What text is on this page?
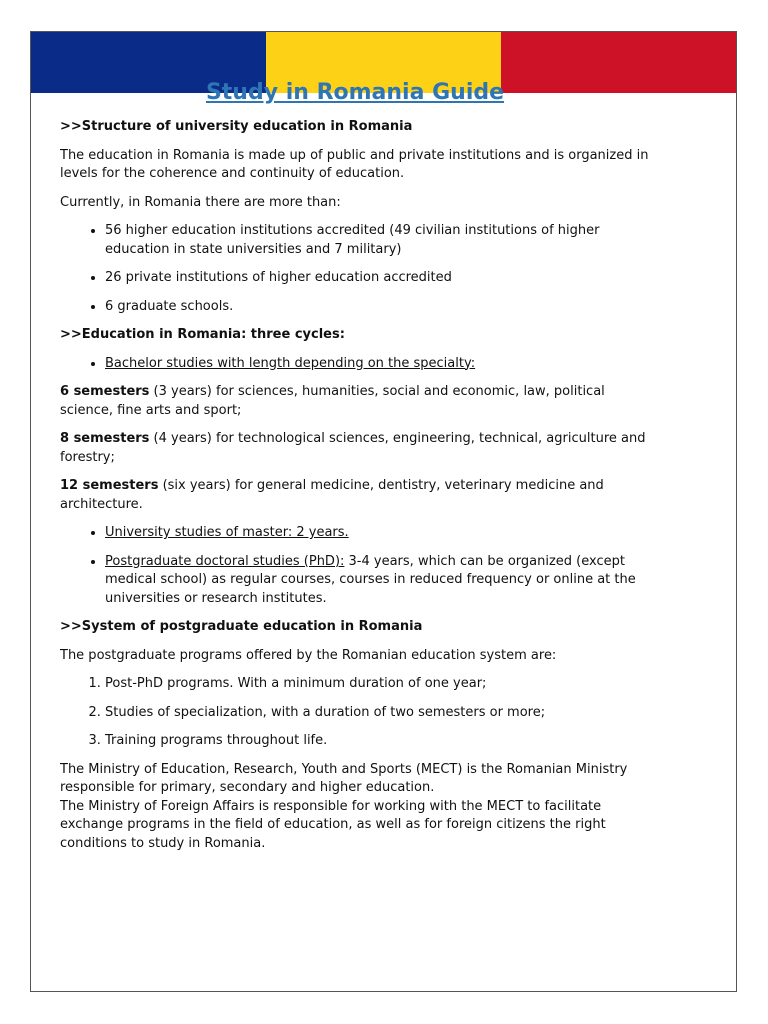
Study in Romania Guide
>>Structure of university education in Romania

The education in Romania is made up of public and private institutions and is organized in levels for the coherence and continuity of education.

Currently, in Romania there are more than:

• 56 higher education institutions accredited (49 civilian institutions of higher education in state universities and 7 military)
• 26 private institutions of higher education accredited
• 6 graduate schools.
>>Education in Romania: three cycles:
• Bachelor studies with length depending on the specialty:

6 semesters (3 years) for sciences, humanities, social and economic, law, political science, fine arts and sport;

8 semesters (4 years) for technological sciences, engineering, technical, agriculture and forestry;

12 semesters (six years) for general medicine, dentistry, veterinary medicine and architecture.

• University studies of master: 2 years.
• Postgraduate doctoral studies (PhD): 3-4 years, which can be organized (except medical school) as regular courses, courses in reduced frequency or online at the universities or research institutes.
>>System of postgraduate education in Romania

The postgraduate programs offered by the Romanian education system are:

1. Post-PhD programs. With a minimum duration of one year;
2. Studies of specialization, with a duration of two semesters or more;
3. Training programs throughout life.

The Ministry of Education, Research, Youth and Sports (MECT) is the Romanian Ministry responsible for primary, secondary and higher education.

The Ministry of Foreign Affairs is responsible for working with the MECT to facilitate exchange programs in the field of education, as well as for foreign citizens the right conditions to study in Romania.
